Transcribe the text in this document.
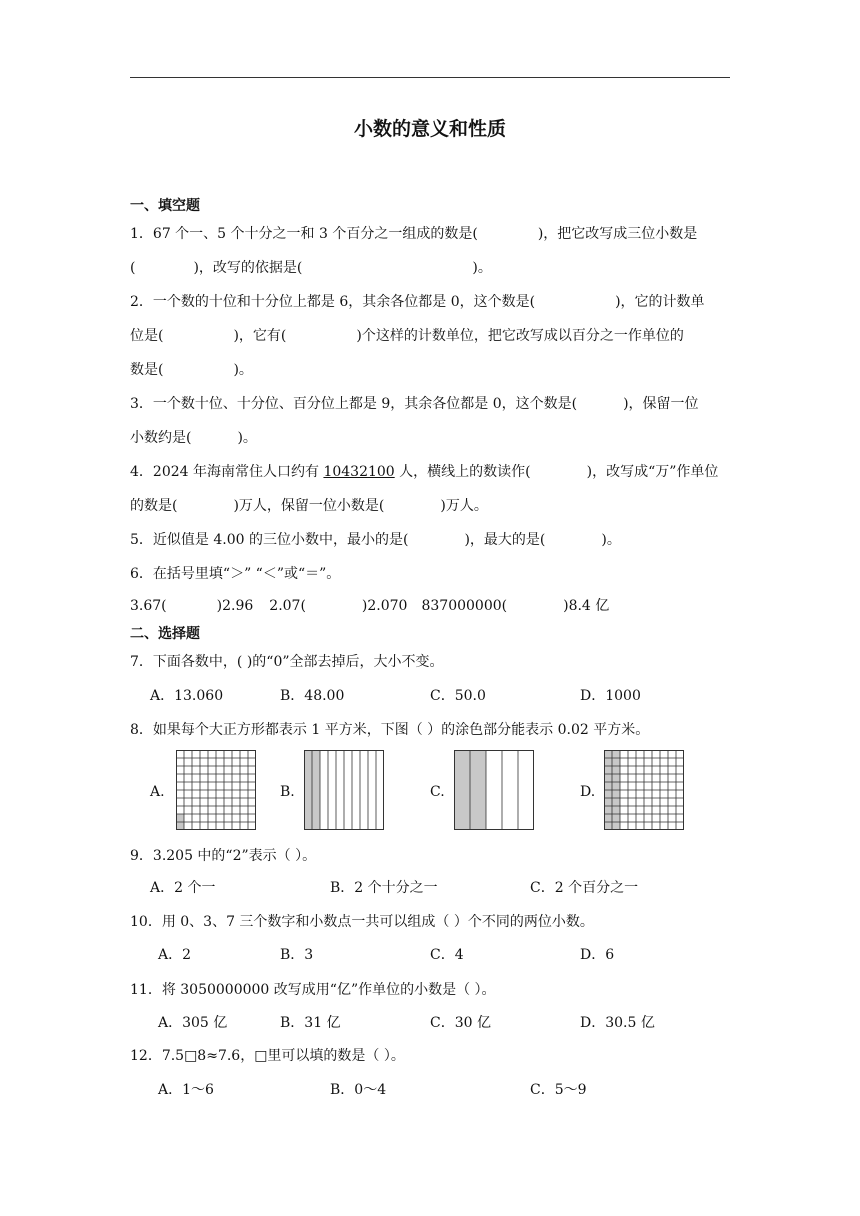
小数的意义和性质
一、填空题
1．67 个一、5 个十分之一和 3 个百分之一组成的数是(	)，把它改写成三位小数是
(	)，改写的依据是(	)。
2．一个数的十位和十分位上都是 6，其余各位都是 0，这个数是(	)，它的计数单
位是(	)，它有(	)个这样的计数单位，把它改写成以百分之一作单位的
数是(	)。
3．一个数十位、十分位、百分位上都是 9，其余各位都是 0，这个数是(	)，保留一位
小数约是(	)。
4．2024 年海南常住人口约有 10432100 人，横线上的数读作(	)，改写成“万”作单位
的数是(	)万人，保留一位小数是(	)万人。
5．近似值是 4.00 的三位小数中，最小的是(	)，最大的是(	)。
6．在括号里填“＞” “＜”或“＝”。
3.67(	)2.96 2.07(	)2.070 837000000(	)8.4 亿
二、选择题
7．下面各数中，( )的“0”全部去掉后，大小不变。
A．13.060	B．48.00	C．50.0	D．1000
8．如果每个大正方形都表示 1 平方米，下图（ ）的涂色部分能表示 0.02 平方米。
A.	B.	C.	D.
9．3.205 中的“2”表示（ ）。
A．2 个一	B．2 个十分之一	C．2 个百分之一
10．用 0、3、7 三个数字和小数点一共可以组成（ ）个不同的两位小数。
A．2	B．3	C．4	D．6
11．将 3050000000 改写成用“亿”作单位的小数是（ ）。
A．305 亿	B．31 亿	C．30 亿	D．30.5 亿
12．7.5□8≈7.6，□里可以填的数是（ ）。
A．1～6	B．0～4	C．5～9
